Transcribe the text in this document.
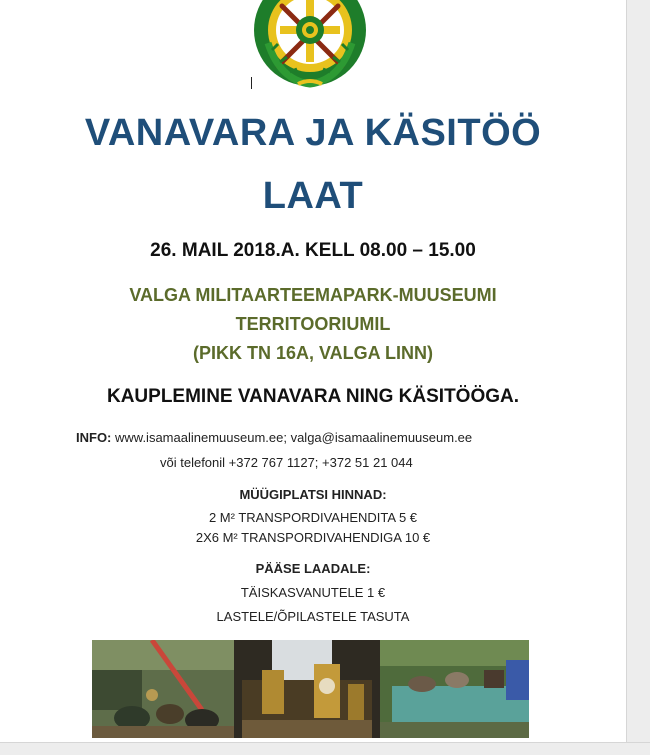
VANAVARA JA KÄSITÖÖ
LAAT
26. MAIL 2018.A. KELL 08.00 – 15.00
VALGA MILITAARTEEMAPARK-MUUSEUMI
TERRITOORIUMIL
(PIKK TN 16A, VALGA LINN)
KAUPLEMINE VANAVARA NING KÄSITÖÖGA.
INFO: www.isamaalinemuuseum.ee; valga@isamaalinemuuseum.ee
või telefonil +372 767 1127; +372 51 21 044
MÜÜGIPLATSI HINNAD:
2 M² TRANSPORDIVAHENDITA 5 €
2X6 M² TRANSPORDIVAHENDIGA 10 €
PÄÄSE LAADALE:
TÄISKASVANUTELE 1 €
LASTELE/ÕPILASTELE TASUTA
